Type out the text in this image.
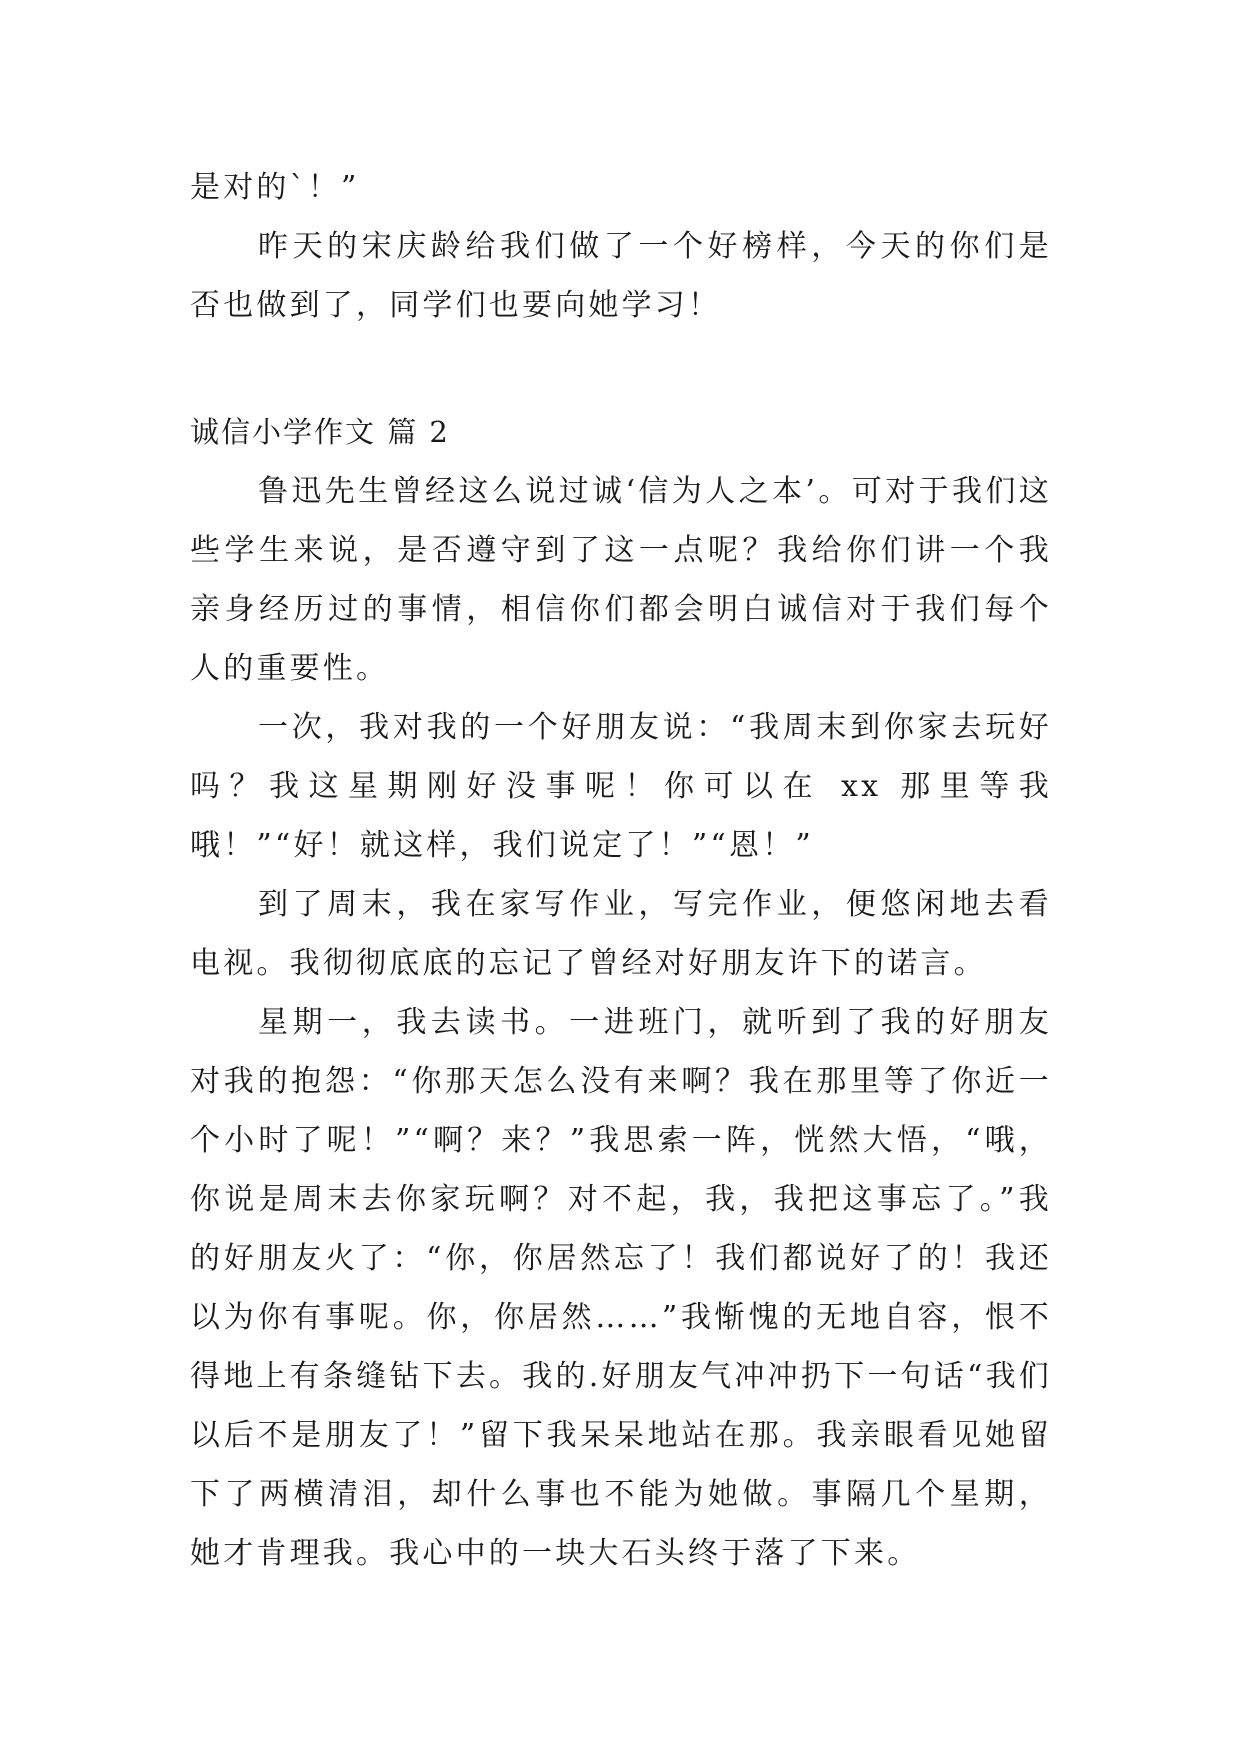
是对的`！”

昨天的宋庆龄给我们做了一个好榜样，今天的你们是否也做到了，同学们也要向她学习！

诚信小学作文 篇 2

鲁迅先生曾经这么说过诚‘信为人之本’。可对于我们这些学生来说，是否遵守到了这一点呢？我给你们讲一个我亲身经历过的事情，相信你们都会明白诚信对于我们每个人的重要性。

一次，我对我的一个好朋友说：“我周末到你家去玩好吗？我这星期刚好没事呢！你可以在 xx 那里等我哦！”“好！就这样，我们说定了！”“恩！”

到了周末，我在家写作业，写完作业，便悠闲地去看电视。我彻彻底底的忘记了曾经对好朋友许下的诺言。

星期一，我去读书。一进班门，就听到了我的好朋友对我的抱怨：“你那天怎么没有来啊？我在那里等了你近一个小时了呢！”“啊？来？”我思索一阵，恍然大悟，“哦，你说是周末去你家玩啊？对不起，我，我把这事忘了。”我的好朋友火了：“你，你居然忘了！我们都说好了的！我还以为你有事呢。你，你居然……”我惭愧的无地自容，恨不得地上有条缝钻下去。我的.好朋友气冲冲扔下一句话“我们以后不是朋友了！”留下我呆呆地站在那。我亲眼看见她留下了两横清泪，却什么事也不能为她做。事隔几个星期，她才肯理我。我心中的一块大石头终于落了下来。
